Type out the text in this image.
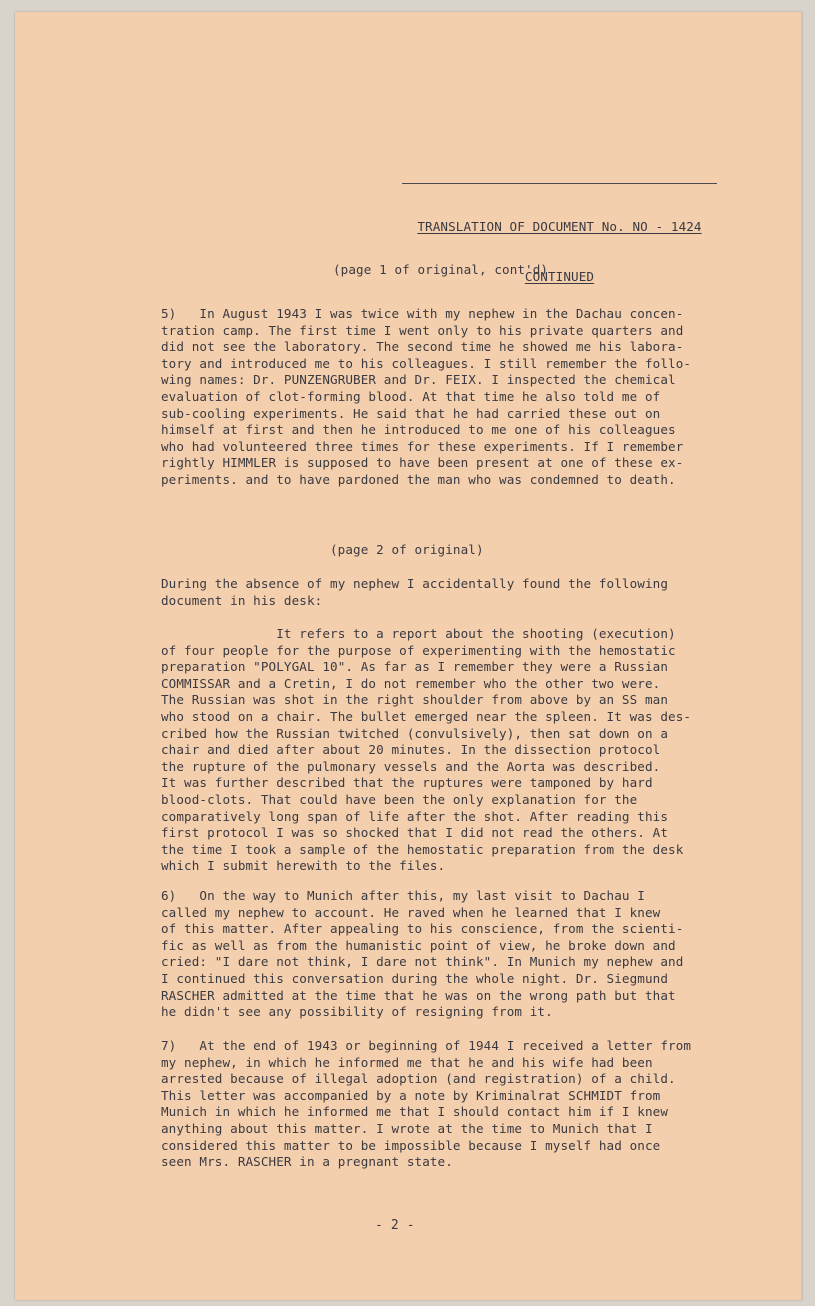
TRANSLATION OF DOCUMENT No. NO - 1424

CONTINUED

(page 1 of original, cont'd)
5)   In August 1943 I was twice with my nephew in the Dachau concen-
tration camp. The first time I went only to his private quarters and
did not see the laboratory. The second time he showed me his labora-
tory and introduced me to his colleagues. I still remember the follo-
wing names: Dr. PUNZENGRUBER and Dr. FEIX. I inspected the chemical
evaluation of clot-forming blood. At that time he also told me of
sub-cooling experiments. He said that he had carried these out on
himself at first and then he introduced to me one of his colleagues
who had volunteered three times for these experiments. If I remember
rightly HIMMLER is supposed to have been present at one of these ex-
periments. and to have pardoned the man who was condemned to death.
(page 2 of original)
During the absence of my nephew I accidentally found the following
document in his desk:
It refers to a report about the shooting (execution)
of four people for the purpose of experimenting with the hemostatic
preparation "POLYGAL 10". As far as I remember they were a Russian
COMMISSAR and a Cretin, I do not remember who the other two were.
The Russian was shot in the right shoulder from above by an SS man
who stood on a chair. The bullet emerged near the spleen. It was des-
cribed how the Russian twitched (convulsively), then sat down on a
chair and died after about 20 minutes. In the dissection protocol
the rupture of the pulmonary vessels and the Aorta was described.
It was further described that the ruptures were tamponed by hard
blood-clots. That could have been the only explanation for the
comparatively long span of life after the shot. After reading this
first protocol I was so shocked that I did not read the others. At
the time I took a sample of the hemostatic preparation from the desk
which I submit herewith to the files.
6)   On the way to Munich after this, my last visit to Dachau I
called my nephew to account. He raved when he learned that I knew
of this matter. After appealing to his conscience, from the scienti-
fic as well as from the humanistic point of view, he broke down and
cried: "I dare not think, I dare not think". In Munich my nephew and
I continued this conversation during the whole night. Dr. Siegmund
RASCHER admitted at the time that he was on the wrong path but that
he didn't see any possibility of resigning from it.
7)   At the end of 1943 or beginning of 1944 I received a letter from
my nephew, in which he informed me that he and his wife had been
arrested because of illegal adoption (and registration) of a child.
This letter was accompanied by a note by Kriminalrat SCHMIDT from
Munich in which he informed me that I should contact him if I knew
anything about this matter. I wrote at the time to Munich that I
considered this matter to be impossible because I myself had once
seen Mrs. RASCHER in a pregnant state.
- 2 -
